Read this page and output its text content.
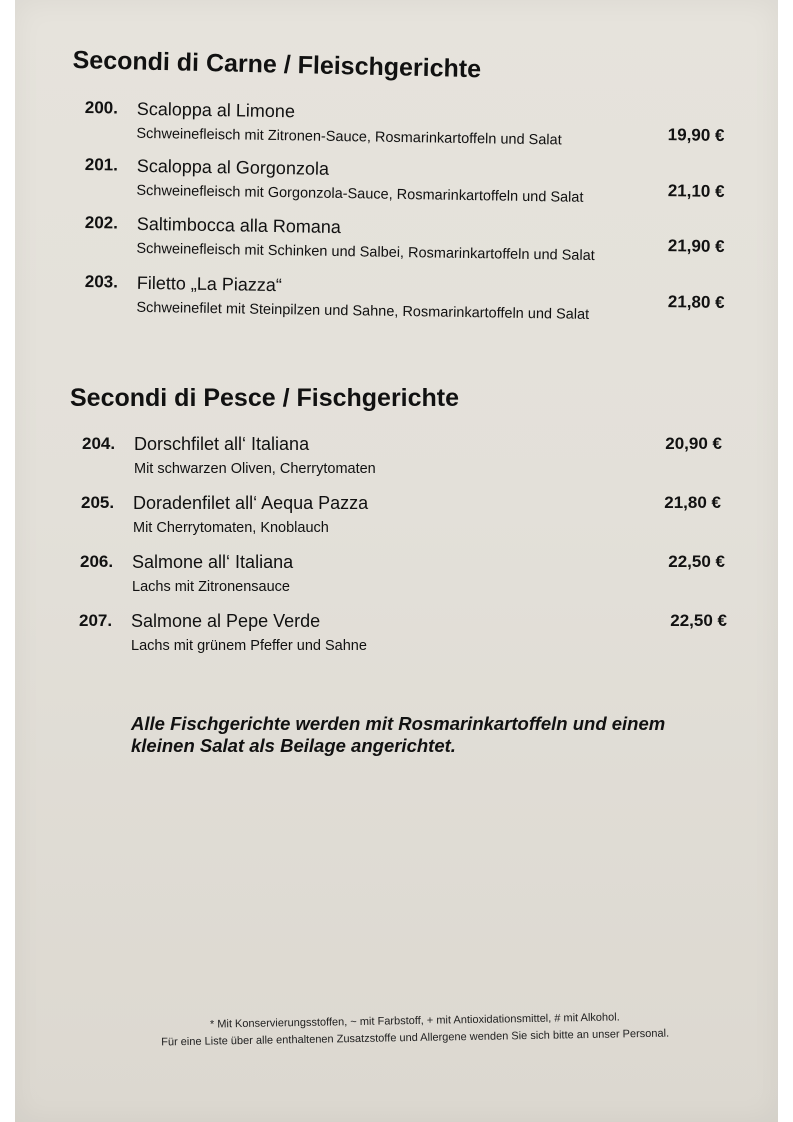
Secondi di Carne / Fleischgerichte
200. Scaloppa al Limone
Schweinefleisch mit Zitronen-Sauce, Rosmarinkartoffeln und Salat	19,90 €
201. Scaloppa al Gorgonzola
Schweinefleisch mit Gorgonzola-Sauce, Rosmarinkartoffeln und Salat	21,10 €
202. Saltimbocca alla Romana
Schweinefleisch mit Schinken und Salbei, Rosmarinkartoffeln und Salat	21,90 €
203. Filetto „La Piazza“
Schweinefilet mit Steinpilzen und Sahne, Rosmarinkartoffeln und Salat	21,80 €
Secondi di Pesce / Fischgerichte
204. Dorschfilet all‘ Italiana
Mit schwarzen Oliven, Cherrytomaten
20,90 €
205. Doradenfilet all‘ Aequa Pazza
Mit Cherrytomaten, Knoblauch
21,80 €
206. Salmone all‘ Italiana
Lachs mit Zitronensauce
22,50 €
207. Salmone al Pepe Verde
Lachs mit grünem Pfeffer und Sahne
22,50 €

Alle Fischgerichte werden mit Rosmarinkartoffeln und einem kleinen Salat als Beilage angerichtet.

* Mit Konservierungsstoffen, ~ mit Farbstoff, + mit Antioxidationsmittel, # mit Alkohol.
Für eine Liste über alle enthaltenen Zusatzstoffe und Allergene wenden Sie sich bitte an unser Personal.
